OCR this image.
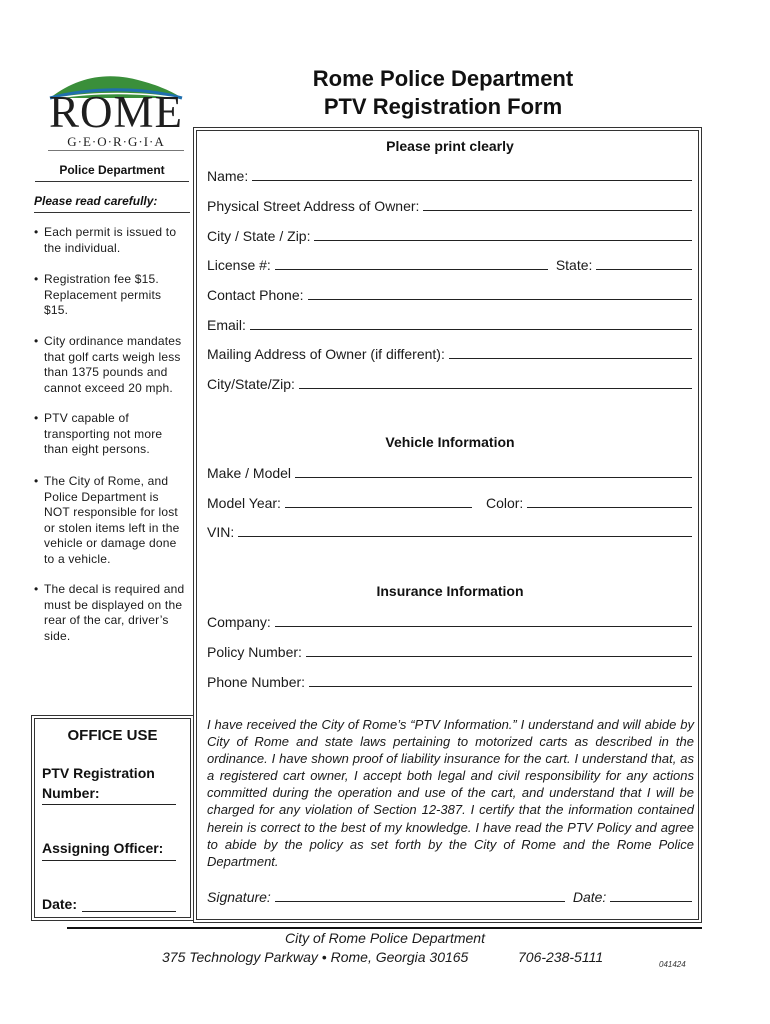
ROME
G·E·O·R·G·I·A
Rome Police Department
PTV Registration Form
Police Department
Please read carefully:
• Each permit is issued to the individual.
• Registration fee $15. Replacement permits $15.
• City ordinance mandates that golf carts weigh less than 1375 pounds and cannot exceed 20 mph.
• PTV capable of transporting not more than eight persons.
• The City of Rome, and Police Department is NOT responsible for lost or stolen items left in the vehicle or damage done to a vehicle.
• The decal is required and must be displayed on the rear of the car, driver’s side.
Please print clearly
Name:
Physical Street Address of Owner:
City / State / Zip:
License #:	State:
Contact Phone:
Email:
Mailing Address of Owner (if different):
City/State/Zip:
Vehicle Information
Make / Model
Model Year:	Color:
VIN:
Insurance Information
Company:
Policy Number:
Phone Number:
I have received the City of Rome’s “PTV Information.” I understand and will abide by City of Rome and state laws pertaining to motorized carts as described in the ordinance. I have shown proof of liability insurance for the cart. I understand that, as a registered cart owner, I accept both legal and civil responsibility for any actions committed during the operation and use of the cart, and understand that I will be charged for any violation of Section 12-387. I certify that the information contained herein is correct to the best of my knowledge. I have read the PTV Policy and agree to abide by the policy as set forth by the City of Rome and the Rome Police Department.
Signature:	Date:
OFFICE USE
PTV Registration Number:
Assigning Officer:
Date:
City of Rome Police Department
375 Technology Parkway • Rome, Georgia 30165	706-238-5111	041424
